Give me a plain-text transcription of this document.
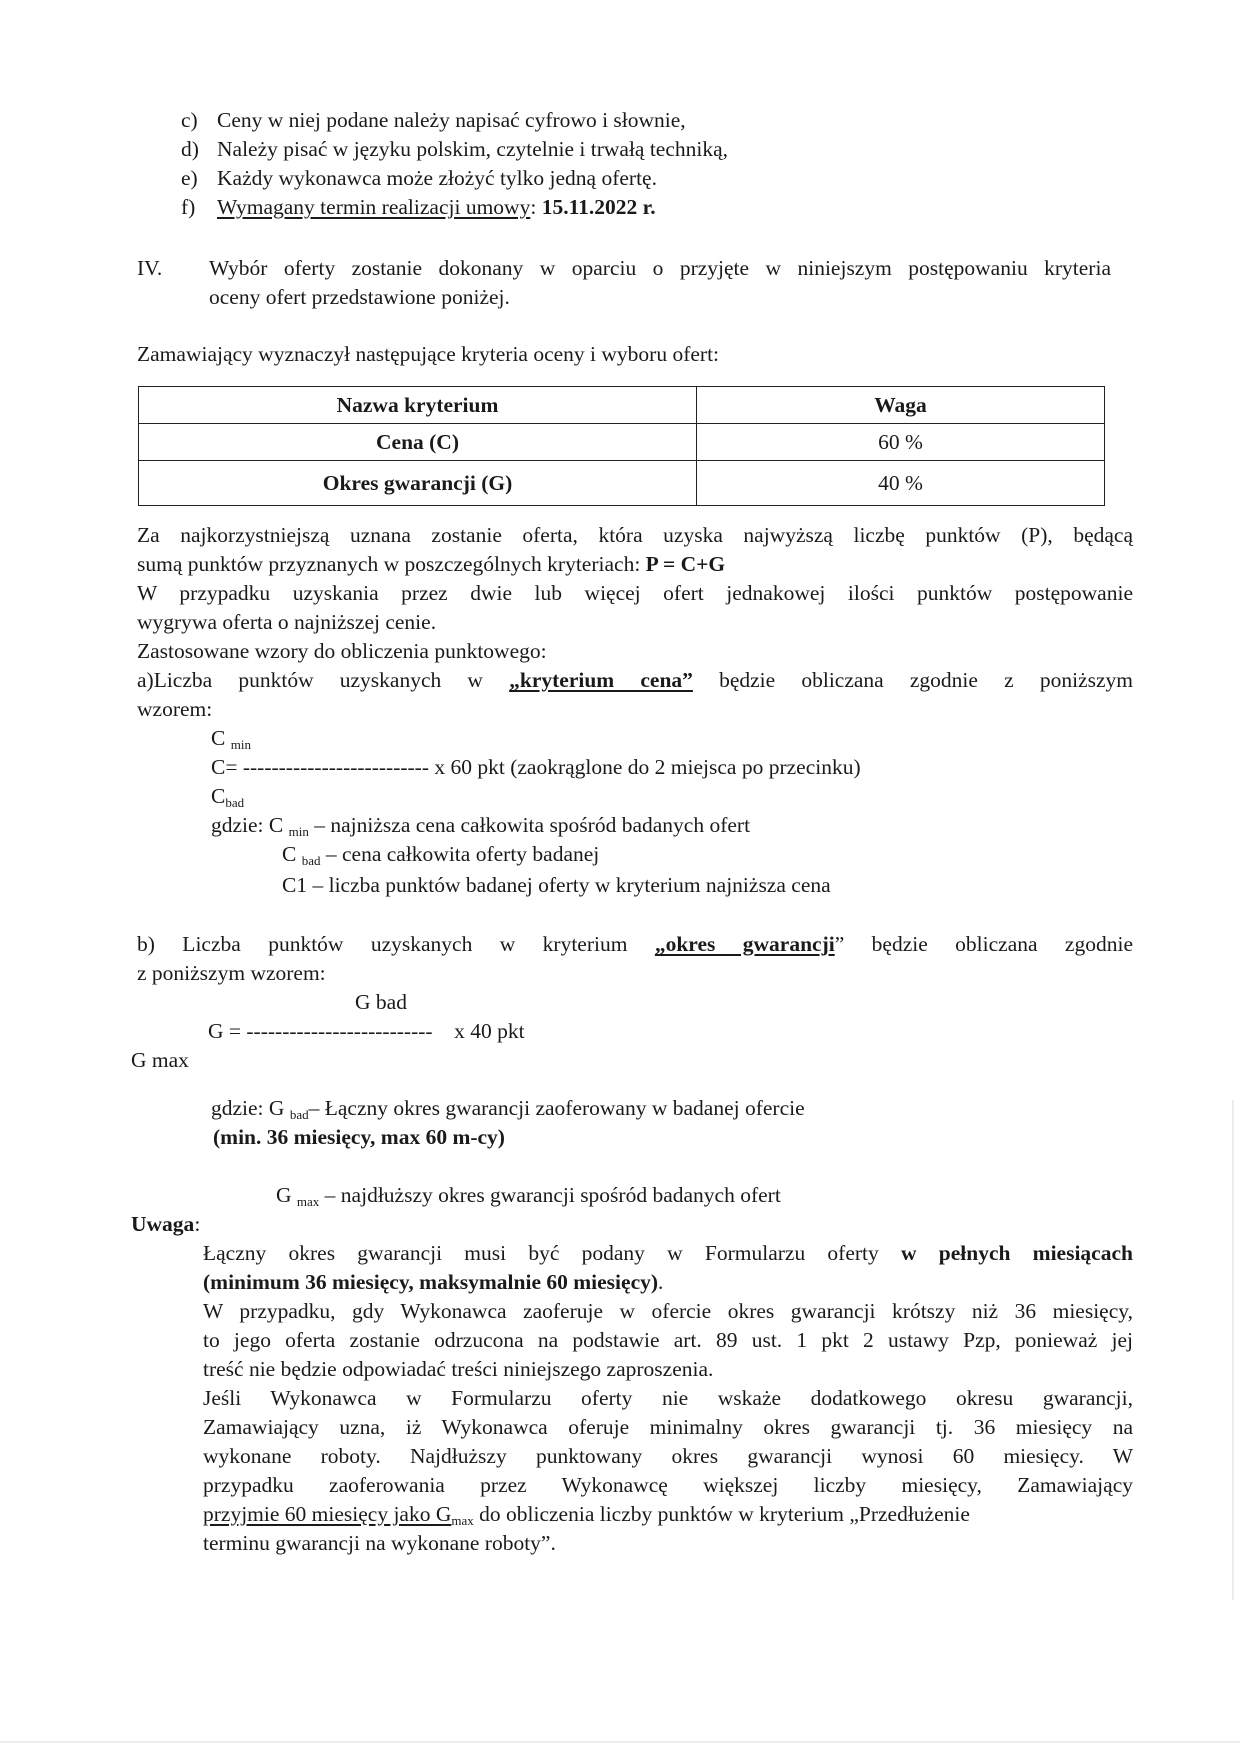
c) Ceny w niej podane należy napisać cyfrowo i słownie,
d) Należy pisać w języku polskim, czytelnie i trwałą techniką,
e) Każdy wykonawca może złożyć tylko jedną ofertę.
f) Wymagany termin realizacji umowy: 15.11.2022 r.
IV. Wybór oferty zostanie dokonany w oparciu o przyjęte w niniejszym postępowaniu kryteria
oceny ofert przedstawione poniżej.
Zamawiający wyznaczył następujące kryteria oceny i wyboru ofert:
Nazwa kryterium	Waga
Cena (C)	60 %
Okres gwarancji (G)	40 %
Za najkorzystniejszą uznana zostanie oferta, która uzyska najwyższą liczbę punktów (P), będącą
sumą punktów przyznanych w poszczególnych kryteriach: P = C+G
W przypadku uzyskania przez dwie lub więcej ofert jednakowej ilości punktów postępowanie
wygrywa oferta o najniższej cenie.
Zastosowane wzory do obliczenia punktowego:
a)Liczba punktów uzyskanych w „kryterium cena” będzie obliczana zgodnie z poniższym
wzorem:
C $_{min}$
C= -------------------------- x 60 pkt (zaokrąglone do 2 miejsca po przecinku)
$C_{bad}$
gdzie: C $_{min}$ – najniższa cena całkowita spośród badanych ofert
C $_{bad}$ – cena całkowita oferty badanej
C1 – liczba punktów badanej oferty w kryterium najniższa cena
b) Liczba punktów uzyskanych w kryterium „okres gwarancji” będzie obliczana zgodnie
z poniższym wzorem:
G bad
G = -------------------------- x 40 pkt
G max
gdzie: G $_{bad}$– Łączny okres gwarancji zaoferowany w badanej ofercie
(min. 36 miesięcy, max 60 m-cy)
G $_{max}$ – najdłuższy okres gwarancji spośród badanych ofert
Uwaga:
Łączny okres gwarancji musi być podany w Formularzu oferty w pełnych miesiącach
(minimum 36 miesięcy, maksymalnie 60 miesięcy).
W przypadku, gdy Wykonawca zaoferuje w ofercie okres gwarancji krótszy niż 36 miesięcy,
to jego oferta zostanie odrzucona na podstawie art. 89 ust. 1 pkt 2 ustawy Pzp, ponieważ jej
treść nie będzie odpowiadać treści niniejszego zaproszenia.
Jeśli Wykonawca w Formularzu oferty nie wskaże dodatkowego okresu gwarancji,
Zamawiający uzna, iż Wykonawca oferuje minimalny okres gwarancji tj. 36 miesięcy na
wykonane roboty. Najdłuższy punktowany okres gwarancji wynosi 60 miesięcy. W
przypadku zaoferowania przez Wykonawcę większej liczby miesięcy, Zamawiający
przyjmie 60 miesięcy jako $G_{max}$ do obliczenia liczby punktów w kryterium „Przedłużenie
terminu gwarancji na wykonane roboty”.
